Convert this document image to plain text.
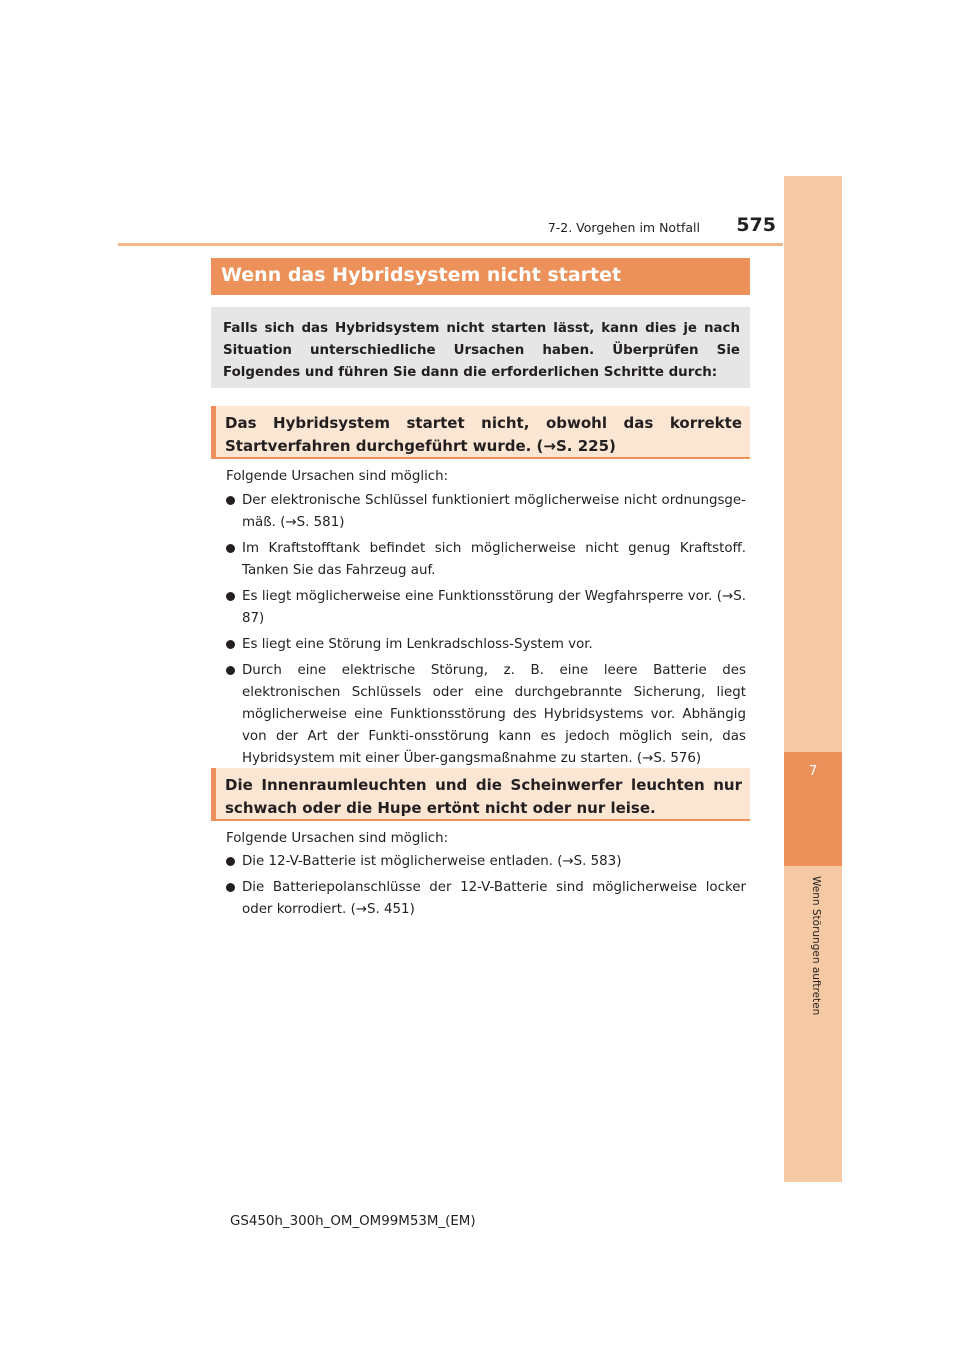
7
Wenn Störungen auftreten
7-2. Vorgehen im Notfall	575
Wenn das Hybridsystem nicht startet
Falls sich das Hybridsystem nicht starten lässt, kann dies je nach Situation unterschiedliche Ursachen haben. Überprüfen Sie Folgendes und führen Sie dann die erforderlichen Schritte durch:
Das Hybridsystem startet nicht, obwohl das korrekte Startverfahren durchgeführt wurde. (→S. 225)
Folgende Ursachen sind möglich:
Der elektronische Schlüssel funktioniert möglicherweise nicht ordnungsge-mäß. (→S. 581)
Im Kraftstofftank befindet sich möglicherweise nicht genug Kraftstoff. Tanken Sie das Fahrzeug auf.
Es liegt möglicherweise eine Funktionsstörung der Wegfahrsperre vor. (→S. 87)
Es liegt eine Störung im Lenkradschloss-System vor.
Durch eine elektrische Störung, z. B. eine leere Batterie des elektronischen Schlüssels oder eine durchgebrannte Sicherung, liegt möglicherweise eine Funktionsstörung des Hybridsystems vor. Abhängig von der Art der Funkti-onsstörung kann es jedoch möglich sein, das Hybridsystem mit einer Über-gangsmaßnahme zu starten. (→S. 576)
Die Innenraumleuchten und die Scheinwerfer leuchten nur schwach oder die Hupe ertönt nicht oder nur leise.
Folgende Ursachen sind möglich:
Die 12-V-Batterie ist möglicherweise entladen. (→S. 583)
Die Batteriepolanschlüsse der 12-V-Batterie sind möglicherweise locker oder korrodiert. (→S. 451)
GS450h_300h_OM_OM99M53M_(EM)
